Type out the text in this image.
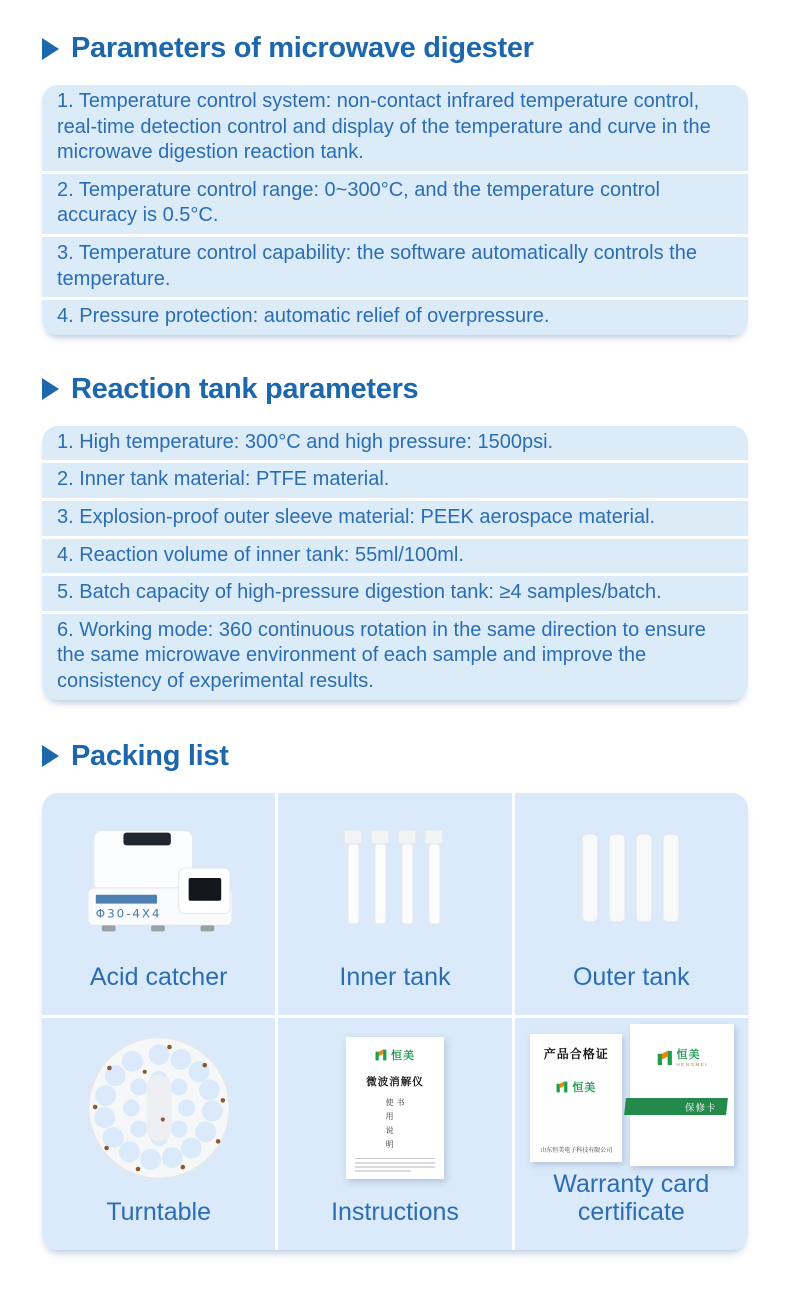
Parameters of microwave digester
1. Temperature control system: non-contact infrared temperature control, real-time detection control and display of the temperature and curve in the microwave digestion reaction tank.
2. Temperature control range: 0~300°C, and the temperature control accuracy is 0.5°C.
3. Temperature control capability: the software automatically controls the temperature.
4. Pressure protection: automatic relief of overpressure.
Reaction tank parameters
1. High temperature: 300°C and high pressure: 1500psi.
2. Inner tank material: PTFE material.
3. Explosion-proof outer sleeve material: PEEK aerospace material.
4. Reaction volume of inner tank: 55ml/100ml.
5. Batch capacity of high-pressure digestion tank: ≥4 samples/batch.
6. Working mode: 360 continuous rotation in the same direction to ensure the same microwave environment of each sample and improve the consistency of experimental results.
Packing list
Φ30-4X4
Acid catcher	Inner tank	Outer tank
Turntable
恒美
微波消解仪
使用说明书
Instructions
产品合格证
恒美
山东恒美电子科技有限公司
恒美
HENGMEI
保修卡
Warranty card certificate
